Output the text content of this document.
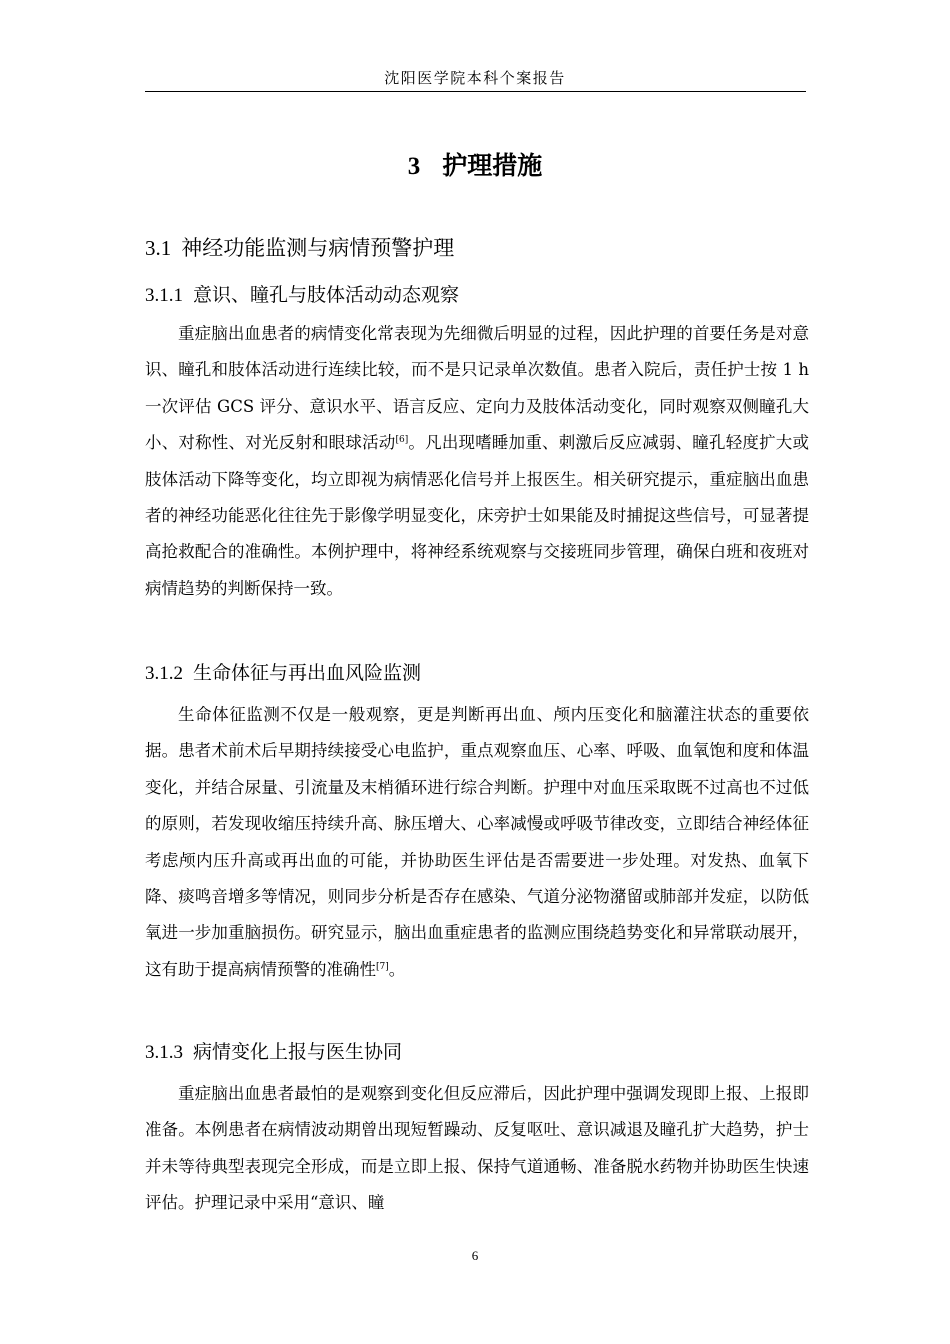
沈阳医学院本科个案报告
3 护理措施
3.1 神经功能监测与病情预警护理
3.1.1 意识、瞳孔与肢体活动动态观察

重症脑出血患者的病情变化常表现为先细微后明显的过程，因此护理的首要任务是对意识、瞳孔和肢体活动进行连续比较，而不是只记录单次数值。患者入院后，责任护士按 1 h 一次评估 GCS 评分、意识水平、语言反应、定向力及肢体活动变化，同时观察双侧瞳孔大小、对称性、对光反射和眼球活动[6]。凡出现嗜睡加重、刺激后反应减弱、瞳孔轻度扩大或肢体活动下降等变化，均立即视为病情恶化信号并上报医生。相关研究提示，重症脑出血患者的神经功能恶化往往先于影像学明显变化，床旁护士如果能及时捕捉这些信号，可显著提高抢救配合的准确性。本例护理中，将神经系统观察与交接班同步管理，确保白班和夜班对病情趋势的判断保持一致。

3.1.2 生命体征与再出血风险监测

生命体征监测不仅是一般观察，更是判断再出血、颅内压变化和脑灌注状态的重要依据。患者术前术后早期持续接受心电监护，重点观察血压、心率、呼吸、血氧饱和度和体温变化，并结合尿量、引流量及末梢循环进行综合判断。护理中对血压采取既不过高也不过低的原则，若发现收缩压持续升高、脉压增大、心率减慢或呼吸节律改变，立即结合神经体征考虑颅内压升高或再出血的可能，并协助医生评估是否需要进一步处理。对发热、血氧下降、痰鸣音增多等情况，则同步分析是否存在感染、气道分泌物潴留或肺部并发症，以防低氧进一步加重脑损伤。研究显示，脑出血重症患者的监测应围绕趋势变化和异常联动展开，这有助于提高病情预警的准确性[7]。

3.1.3 病情变化上报与医生协同

重症脑出血患者最怕的是观察到变化但反应滞后，因此护理中强调发现即上报、上报即准备。本例患者在病情波动期曾出现短暂躁动、反复呕吐、意识减退及瞳孔扩大趋势，护士并未等待典型表现完全形成，而是立即上报、保持气道通畅、准备脱水药物并协助医生快速评估。护理记录中采用“意识、瞳

6
